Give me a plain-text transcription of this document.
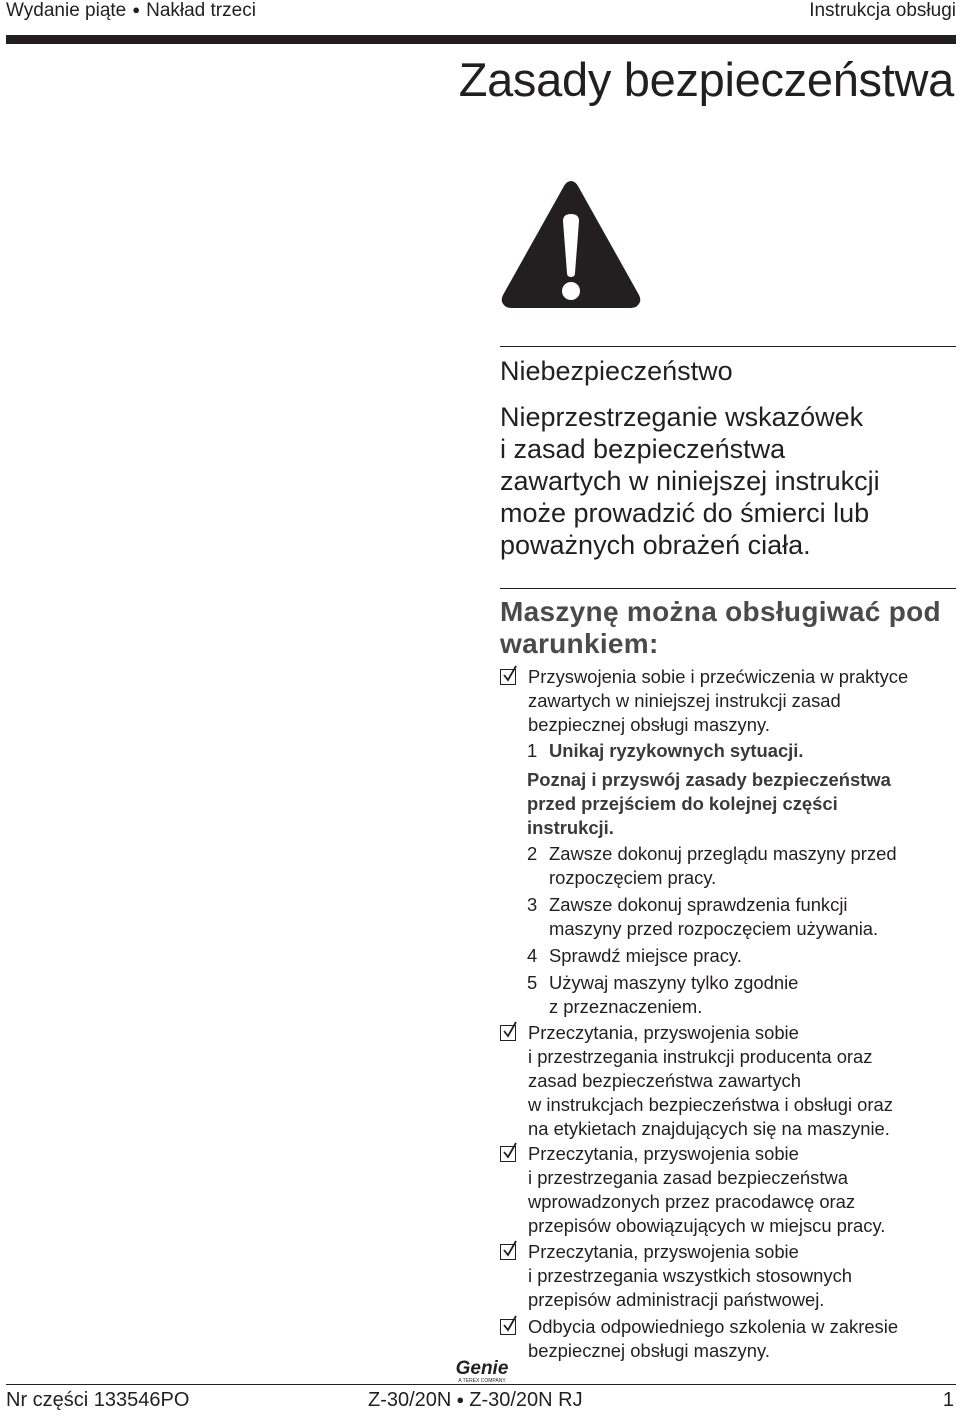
Wydanie piąte ● Nakład trzeci	Instrukcja obsługi
Zasady bezpieczeństwa
Niebezpieczeństwo
Nieprzestrzeganie wskazówek
i zasad bezpieczeństwa
zawartych w niniejszej instrukcji
może prowadzić do śmierci lub
poważnych obrażeń ciała.
Maszynę można obsługiwać pod
warunkiem:
Przyswojenia sobie i przećwiczenia w praktyce
zawartych w niniejszej instrukcji zasad
bezpiecznej obsługi maszyny.
1 Unikaj ryzykownych sytuacji.
Poznaj i przyswój zasady bezpieczeństwa
przed przejściem do kolejnej części
instrukcji.
2 Zawsze dokonuj przeglądu maszyny przed
rozpoczęciem pracy.
3 Zawsze dokonuj sprawdzenia funkcji
maszyny przed rozpoczęciem używania.
4 Sprawdź miejsce pracy.
5 Używaj maszyny tylko zgodnie
z przeznaczeniem.
Przeczytania, przyswojenia sobie
i przestrzegania instrukcji producenta oraz
zasad bezpieczeństwa zawartych
w instrukcjach bezpieczeństwa i obsługi oraz
na etykietach znajdujących się na maszynie.
Przeczytania, przyswojenia sobie
i przestrzegania zasad bezpieczeństwa
wprowadzonych przez pracodawcę oraz
przepisów obowiązujących w miejscu pracy.
Przeczytania, przyswojenia sobie
i przestrzegania wszystkich stosownych
przepisów administracji państwowej.
Odbycia odpowiedniego szkolenia w zakresie
bezpiecznej obsługi maszyny.
Genie
A TEREX COMPANY
Nr części 133546PO	Z-30/20N ● Z-30/20N RJ	1
